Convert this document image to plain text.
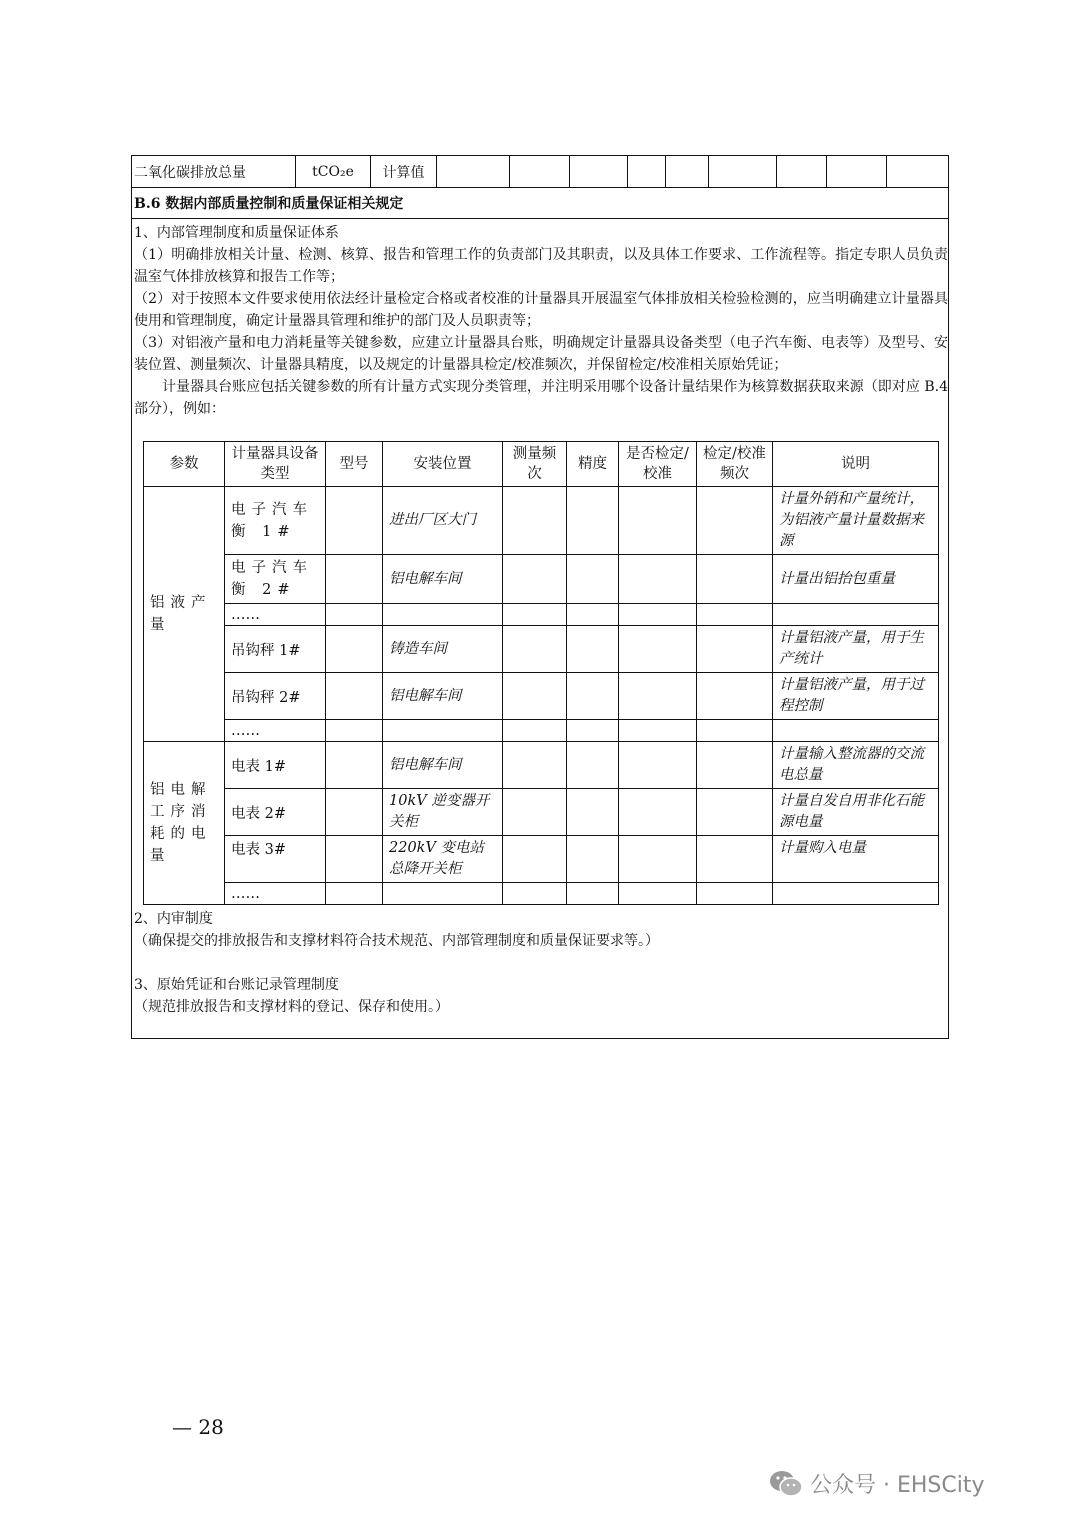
二氧化碳排放总量	tCO₂e	计算值
B.6 数据内部质量控制和质量保证相关规定

1、内部管理制度和质量保证体系

（1）明确排放相关计量、检测、核算、报告和管理工作的负责部门及其职责，以及具体工作要求、工作流程等。指定专职人员负责温室气体排放核算和报告工作等；

（2）对于按照本文件要求使用依法经计量检定合格或者校准的计量器具开展温室气体排放相关检验检测的，应当明确建立计量器具使用和管理制度，确定计量器具管理和维护的部门及人员职责等；

（3）对铝液产量和电力消耗量等关键参数，应建立计量器具台账，明确规定计量器具设备类型（电子汽车衡、电表等）及型号、安装位置、测量频次、计量器具精度，以及规定的计量器具检定/校准频次，并保留检定/校准相关原始凭证；

计量器具台账应包括关键参数的所有计量方式实现分类管理，并注明采用哪个设备计量结果作为核算数据获取来源（即对应 B.4 部分），例如：

参数	计量器具设备类型	型号	安装位置	测量频次	精度	是否检定/校准	检定/校准频次	说明
铝液产量	电子汽车衡 1#		进出厂区大门					计量外销和产量统计，为铝液产量计量数据来源
	电子汽车衡 2#		铝电解车间					计量出铝抬包重量
	……							
	吊钩秤 1#		铸造车间					计量铝液产量，用于生产统计
	吊钩秤 2#		铝电解车间					计量铝液产量，用于过程控制
	……							
铝电解工序消耗的电量	电表 1#		铝电解车间					计量输入整流器的交流电总量
	电表 2#		10kV 逆变器开关柜					计量自发自用非化石能源电量
	电表 3#		220kV 变电站总降开关柜					计量购入电量
	……							

2、内审制度

（确保提交的排放报告和支撑材料符合技术规范、内部管理制度和质量保证要求等。）

3、原始凭证和台账记录管理制度

（规范排放报告和支撑材料的登记、保存和使用。）

— 28
公众号 · EHSCity
